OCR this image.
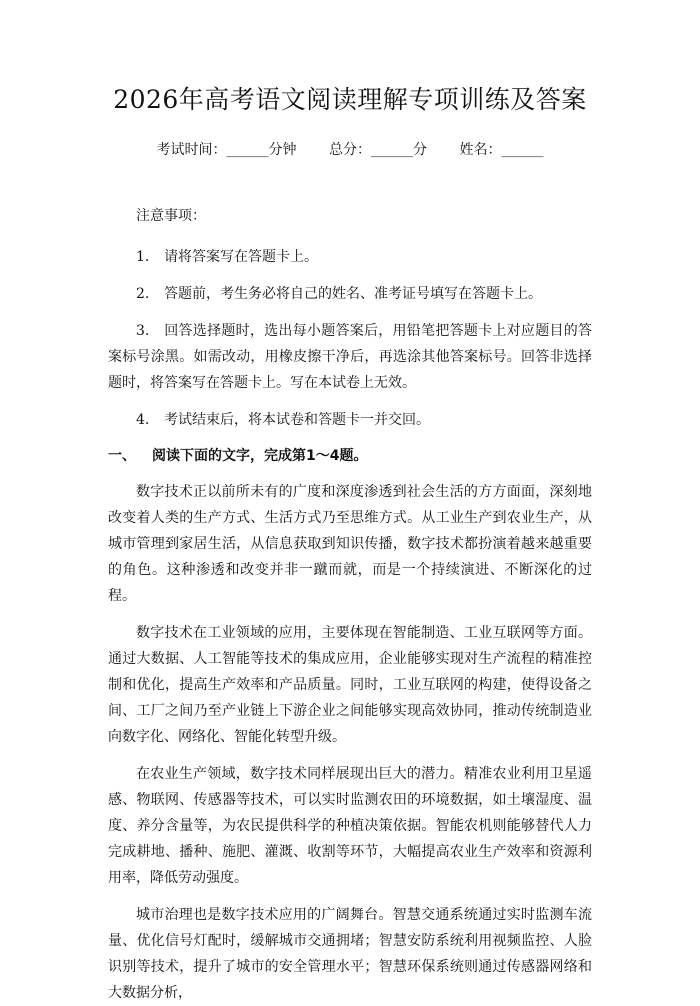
2026年高考语文阅读理解专项训练及答案
考试时间：______分钟 总分：______分 姓名：______
注意事项：

1. 请将答案写在答题卡上。

2. 答题前，考生务必将自己的姓名、准考证号填写在答题卡上。

3. 回答选择题时，选出每小题答案后，用铅笔把答题卡上对应题目的答案标号涂黑。如需改动，用橡皮擦干净后，再选涂其他答案标号。回答非选择题时，将答案写在答题卡上。写在本试卷上无效。

4. 考试结束后，将本试卷和答题卡一并交回。

一、 阅读下面的文字，完成第1～4题。

数字技术正以前所未有的广度和深度渗透到社会生活的方方面面，深刻地改变着人类的生产方式、生活方式乃至思维方式。从工业生产到农业生产，从城市管理到家居生活，从信息获取到知识传播，数字技术都扮演着越来越重要的角色。这种渗透和改变并非一蹴而就，而是一个持续演进、不断深化的过程。

数字技术在工业领域的应用，主要体现在智能制造、工业互联网等方面。通过大数据、人工智能等技术的集成应用，企业能够实现对生产流程的精准控制和优化，提高生产效率和产品质量。同时，工业互联网的构建，使得设备之间、工厂之间乃至产业链上下游企业之间能够实现高效协同，推动传统制造业向数字化、网络化、智能化转型升级。

在农业生产领域，数字技术同样展现出巨大的潜力。精准农业利用卫星遥感、物联网、传感器等技术，可以实时监测农田的环境数据，如土壤湿度、温度、养分含量等，为农民提供科学的种植决策依据。智能农机则能够替代人力完成耕地、播种、施肥、灌溉、收割等环节，大幅提高农业生产效率和资源利用率，降低劳动强度。

城市治理也是数字技术应用的广阔舞台。智慧交通系统通过实时监测车流量、优化信号灯配时，缓解城市交通拥堵；智慧安防系统利用视频监控、人脸识别等技术，提升了城市的安全管理水平；智慧环保系统则通过传感器网络和大数据分析，
